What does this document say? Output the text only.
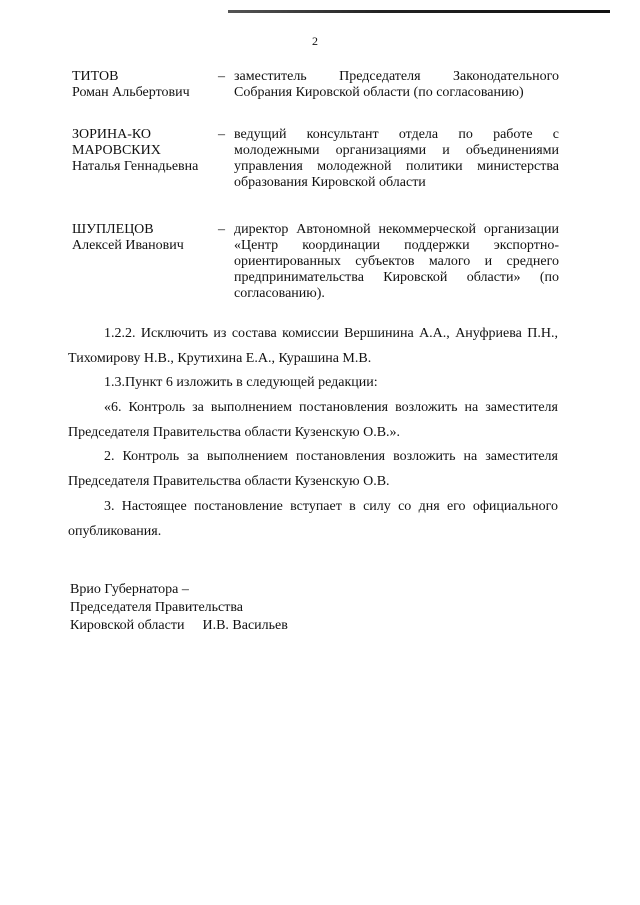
2
ТИТОВ
Роман Альбертович
– заместитель Председателя Законодательного Собрания Кировской области (по согласованию)
ЗОРИНА-КОМАРОВСКИХ
Наталья Геннадьевна
– ведущий консультант отдела по работе с молодежными организациями и объединениями управления молодежной политики министерства образования Кировской области
ШУПЛЕЦОВ
Алексей Иванович
– директор Автономной некоммерческой организации «Центр координации поддержки экспортно-ориентированных субъектов малого и среднего предпринимательства Кировской области» (по согласованию).
1.2.2. Исключить из состава комиссии Вершинина А.А., Ануфриева П.Н., Тихомирову Н.В., Крутихина Е.А., Курашина М.В.
1.3.Пункт 6 изложить в следующей редакции:
«6. Контроль за выполнением постановления возложить на заместителя Председателя Правительства области Кузенскую О.В.».
2. Контроль за выполнением постановления возложить на заместителя Председателя Правительства области Кузенскую О.В.
3. Настоящее постановление вступает в силу со дня его официального опубликования.
Врио Губернатора –
Председателя Правительства
Кировской области И.В. Васильев
